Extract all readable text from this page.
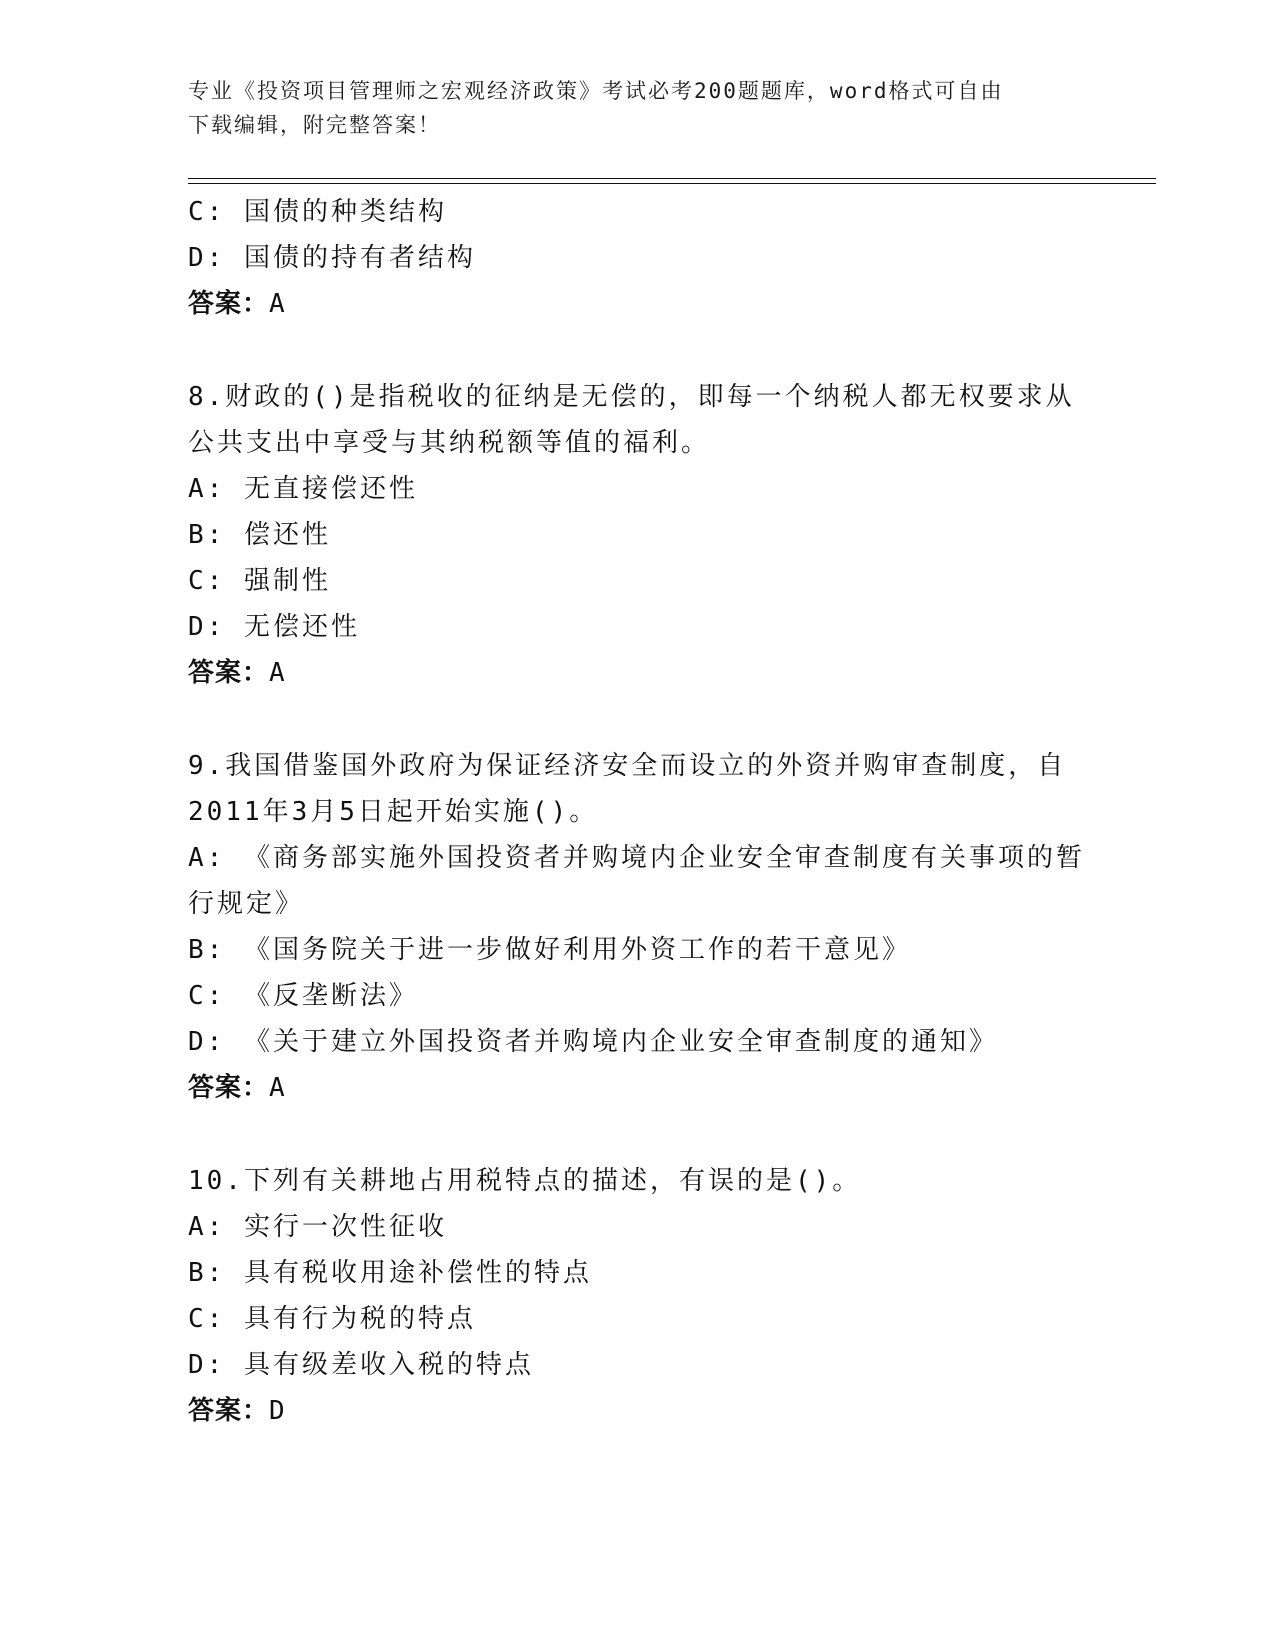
专业《投资项目管理师之宏观经济政策》考试必考200题题库，word格式可自由
下载编辑，附完整答案！
C: 国债的种类结构
D: 国债的持有者结构
答案：A
8.财政的()是指税收的征纳是无偿的，即每一个纳税人都无权要求从
公共支出中享受与其纳税额等值的福利。
A: 无直接偿还性
B: 偿还性
C: 强制性
D: 无偿还性
答案：A
9.我国借鉴国外政府为保证经济安全而设立的外资并购审查制度，自
2011年3月5日起开始实施()。
A: 《商务部实施外国投资者并购境内企业安全审查制度有关事项的暂
行规定》
B: 《国务院关于进一步做好利用外资工作的若干意见》
C: 《反垄断法》
D: 《关于建立外国投资者并购境内企业安全审查制度的通知》
答案：A
10.下列有关耕地占用税特点的描述，有误的是()。
A: 实行一次性征收
B: 具有税收用途补偿性的特点
C: 具有行为税的特点
D: 具有级差收入税的特点
答案：D
